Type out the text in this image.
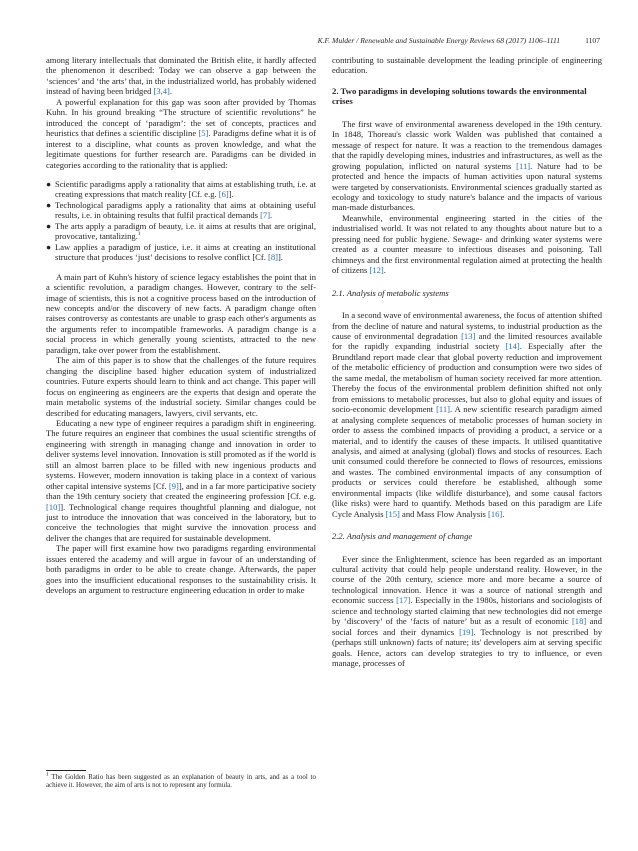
K.F. Mulder / Renewable and Sustainable Energy Reviews 68 (2017) 1106–1111	1107

among literary intellectuals that dominated the British elite, it hardly affected the phenomenon it described: Today we can observe a gap between the ‘sciences’ and ‘the arts’ that, in the industrialized world, has probably widened instead of having been bridged [3,4].

A powerful explanation for this gap was soon after provided by Thomas Kuhn. In his ground breaking “The structure of scientific revolutions” he introduced the concept of ‘paradigm’: the set of concepts, practices and heuristics that defines a scientific discipline [5]. Paradigms define what it is of interest to a discipline, what counts as proven knowledge, and what the legitimate questions for further research are. Paradigms can be divided in categories according to the rationality that is applied:

● Scientific paradigms apply a rationality that aims at establishing truth, i.e. at creating expressions that match reality [Cf. e.g. [6]].
● Technological paradigms apply a rationality that aims at obtaining useful results, i.e. in obtaining results that fulfil practical demands [7].
● The arts apply a paradigm of beauty, i.e. it aims at results that are original, provocative, tantalizing.$^1$
● Law applies a paradigm of justice, i.e. it aims at creating an institutional structure that produces ‘just’ decisions to resolve conflict [Cf. [8]].

A main part of Kuhn's history of science legacy establishes the point that in a scientific revolution, a paradigm changes. However, contrary to the self-image of scientists, this is not a cognitive process based on the introduction of new concepts and/or the discovery of new facts. A paradigm change often raises controversy as contestants are unable to grasp each other's arguments as the arguments refer to incompatible frameworks. A paradigm change is a social process in which generally young scientists, attracted to the new paradigm, take over power from the establishment.

The aim of this paper is to show that the challenges of the future requires changing the discipline based higher education system of industrialized countries. Future experts should learn to think and act change. This paper will focus on engineering as engineers are the experts that design and operate the main metabolic systems of the industrial society. Similar changes could be described for educating managers, lawyers, civil servants, etc.

Educating a new type of engineer requires a paradigm shift in engineering. The future requires an engineer that combines the usual scientific strengths of engineering with strength in managing change and innovation in order to deliver systems level innovation. Innovation is still promoted as if the world is still an almost barren place to be filled with new ingenious products and systems. However, modern innovation is taking place in a context of various other capital intensive systems [Cf. [9]], and in a far more participative society than the 19th century society that created the engineering profession [Cf. e.g. [10]]. Technological change requires thoughtful planning and dialogue, not just to introduce the innovation that was conceived in the laboratory, but to conceive the technologies that might survive the innovation process and deliver the changes that are required for sustainable development.

The paper will first examine how two paradigms regarding environmental issues entered the academy and will argue in favour of an understanding of both paradigms in order to be able to create change. Afterwards, the paper goes into the insufficient educational responses to the sustainability crisis. It develops an argument to restructure engineering education in order to make

$^1$ The Golden Ratio has been suggested as an explanation of beauty in arts, and as a tool to achieve it. However, the aim of arts is not to represent any formula.

contributing to sustainable development the leading principle of engineering education.

2. Two paradigms in developing solutions towards the environmental crises

The first wave of environmental awareness developed in the 19th century. In 1848, Thoreau's classic work Walden was published that contained a message of respect for nature. It was a reaction to the tremendous damages that the rapidly developing mines, industries and infrastructures, as well as the growing population, inflicted on natural systems [11]. Nature had to be protected and hence the impacts of human activities upon natural systems were targeted by conservationists. Environmental sciences gradually started as ecology and toxicology to study nature's balance and the impacts of various man-made disturbances.

Meanwhile, environmental engineering started in the cities of the industrialised world. It was not related to any thoughts about nature but to a pressing need for public hygiene. Sewage- and drinking water systems were created as a counter measure to infectious diseases and poisoning. Tall chimneys and the first environmental regulation aimed at protecting the health of citizens [12].

2.1. Analysis of metabolic systems

In a second wave of environmental awareness, the focus of attention shifted from the decline of nature and natural systems, to industrial production as the cause of environmental degradation [13] and the limited resources available for the rapidly expanding industrial society [14]. Especially after the Brundtland report made clear that global poverty reduction and improvement of the metabolic efficiency of production and consumption were two sides of the same medal, the metabolism of human society received far more attention. Thereby the focus of the environmental problem definition shifted not only from emissions to metabolic processes, but also to global equity and issues of socio-economic development [11]. A new scientific research paradigm aimed at analysing complete sequences of metabolic processes of human society in order to assess the combined impacts of providing a product, a service or a material, and to identify the causes of these impacts. It utilised quantitative analysis, and aimed at analysing (global) flows and stocks of resources. Each unit consumed could therefore be connected to flows of resources, emissions and wastes. The combined environmental impacts of any consumption of products or services could therefore be established, although some environmental impacts (like wildlife disturbance), and some causal factors (like risks) were hard to quantify. Methods based on this paradigm are Life Cycle Analysis [15] and Mass Flow Analysis [16].

2.2. Analysis and management of change

Ever since the Enlightenment, science has been regarded as an important cultural activity that could help people understand reality. However, in the course of the 20th century, science more and more became a source of technological innovation. Hence it was a source of national strength and economic success [17]. Especially in the 1980s, historians and sociologists of science and technology started claiming that new technologies did not emerge by ‘discovery’ of the ‘facts of nature’ but as a result of economic [18] and social forces and their dynamics [19]. Technology is not prescribed by (perhaps still unknown) facts of nature; its' developers aim at serving specific goals. Hence, actors can develop strategies to try to influence, or even manage, processes of
